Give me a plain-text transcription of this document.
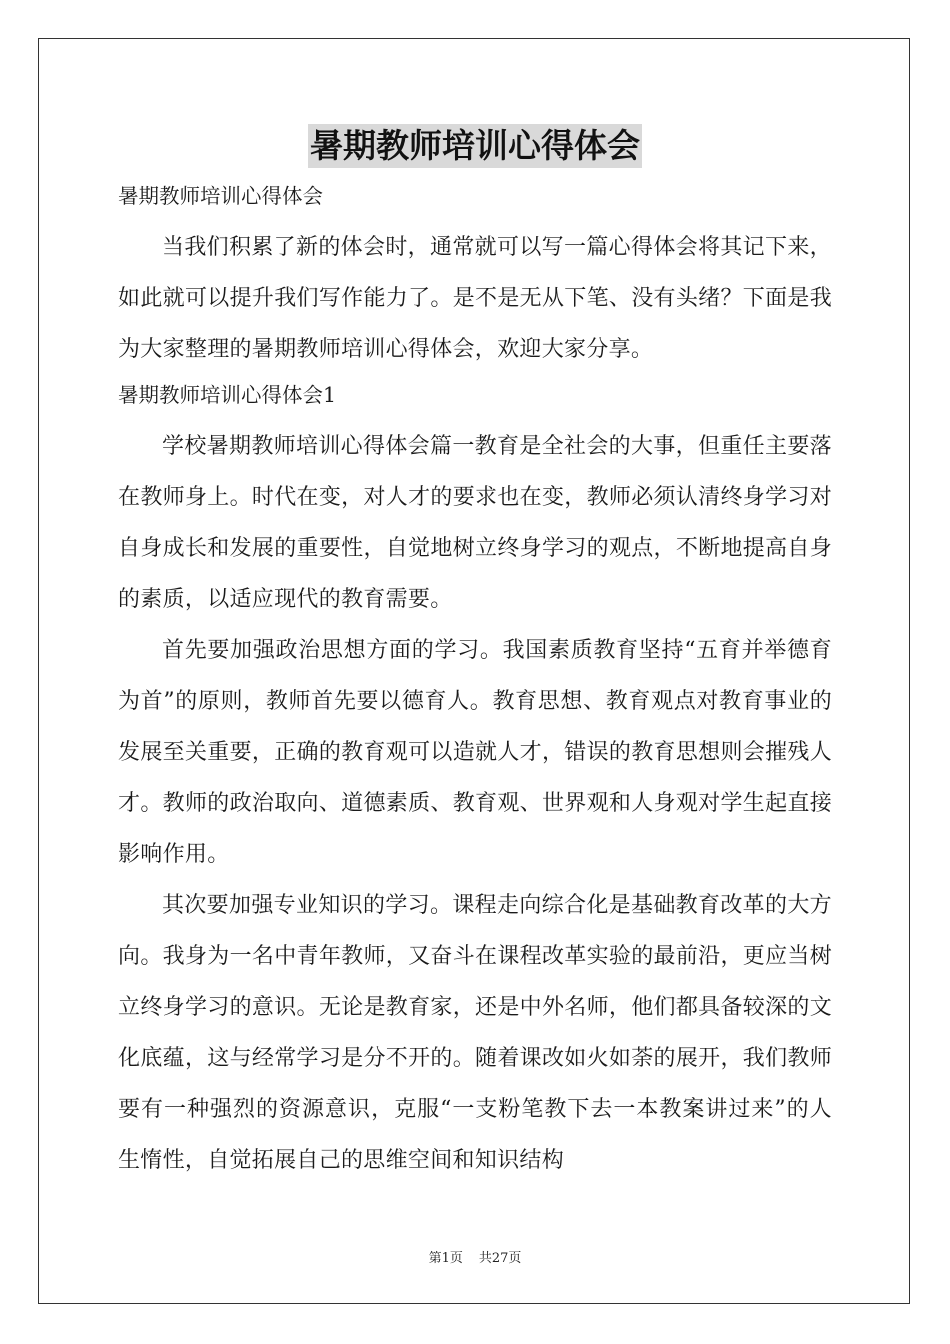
暑期教师培训心得体会

暑期教师培训心得体会

当我们积累了新的体会时，通常就可以写一篇心得体会将其记下来，如此就可以提升我们写作能力了。是不是无从下笔、没有头绪？下面是我为大家整理的暑期教师培训心得体会，欢迎大家分享。

暑期教师培训心得体会1

学校暑期教师培训心得体会篇一教育是全社会的大事，但重任主要落在教师身上。时代在变，对人才的要求也在变，教师必须认清终身学习对自身成长和发展的重要性，自觉地树立终身学习的观点，不断地提高自身的素质，以适应现代的教育需要。

首先要加强政治思想方面的学习。我国素质教育坚持“五育并举德育为首”的原则，教师首先要以德育人。教育思想、教育观点对教育事业的发展至关重要，正确的教育观可以造就人才，错误的教育思想则会摧残人才。教师的政治取向、道德素质、教育观、世界观和人身观对学生起直接影响作用。

其次要加强专业知识的学习。课程走向综合化是基础教育改革的大方向。我身为一名中青年教师，又奋斗在课程改革实验的最前沿，更应当树立终身学习的意识。无论是教育家，还是中外名师，他们都具备较深的文化底蕴，这与经常学习是分不开的。随着课改如火如荼的展开，我们教师要有一种强烈的资源意识，克服“一支粉笔教下去一本教案讲过来”的人生惰性，自觉拓展自己的思维空间和知识结构

第1页 共27页
